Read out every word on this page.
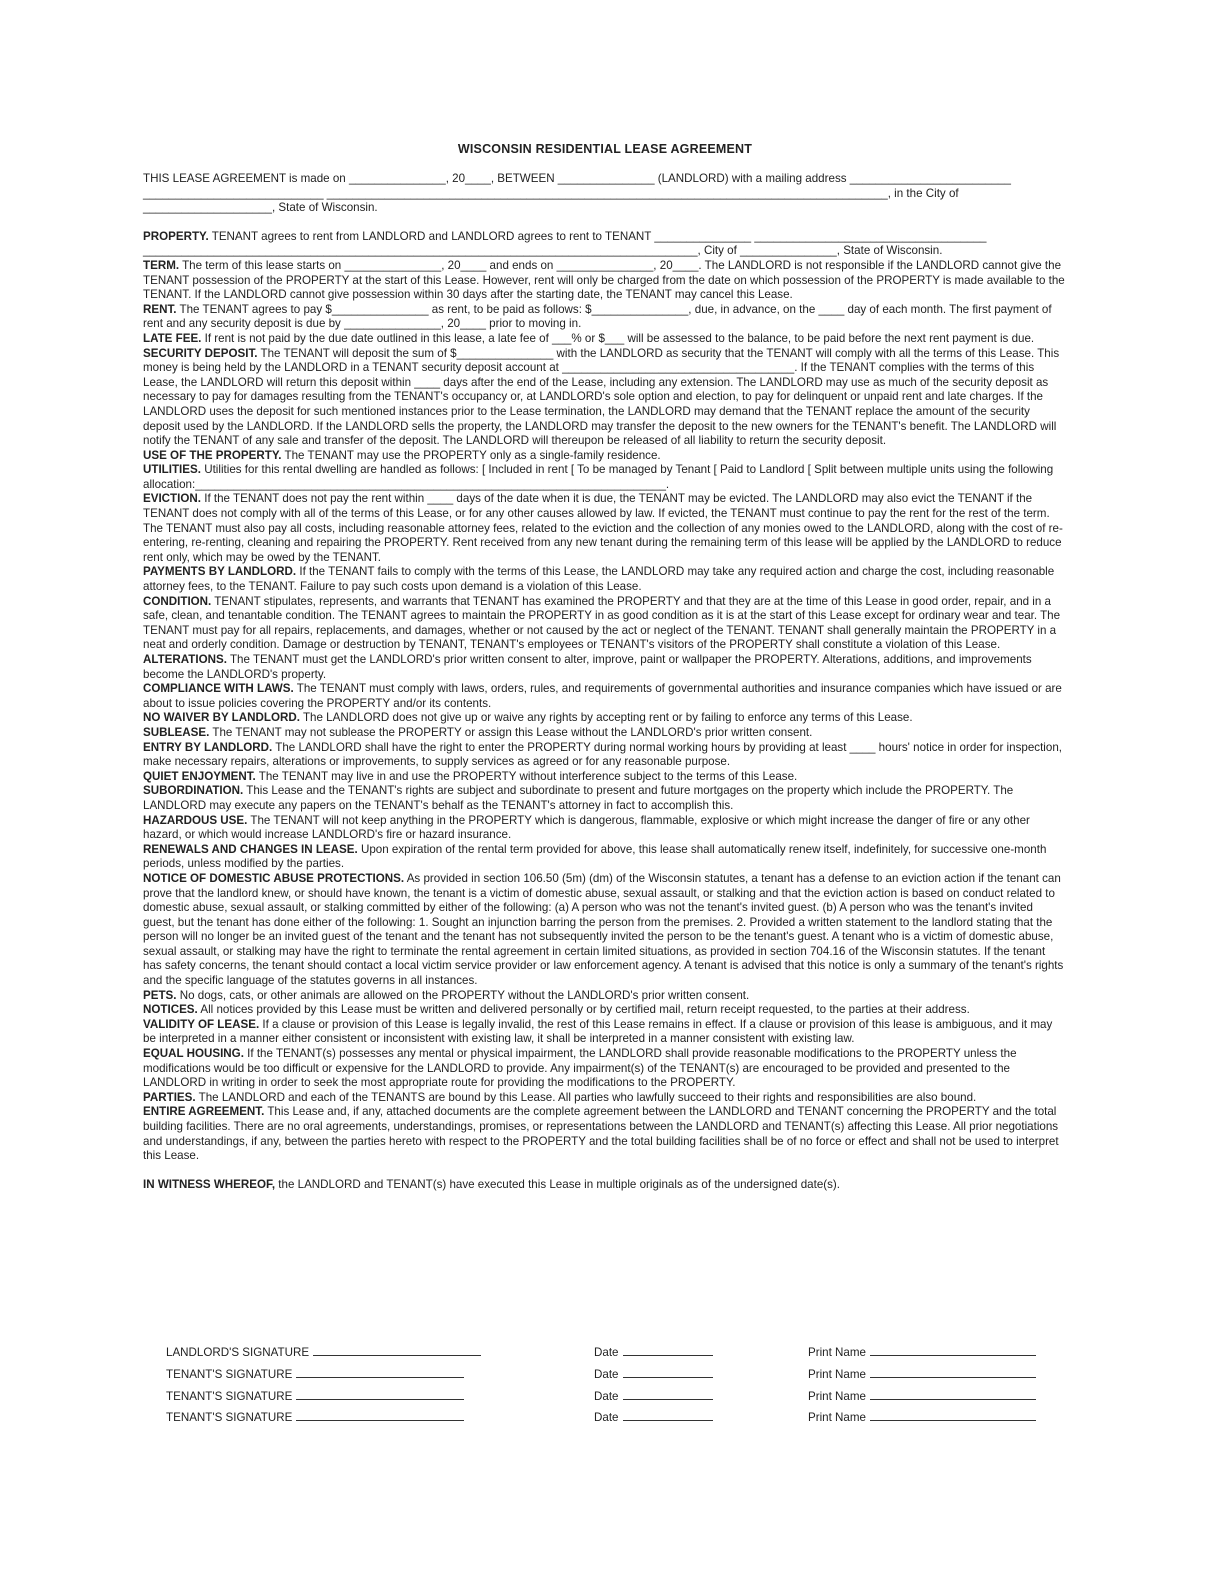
WISCONSIN RESIDENTIAL LEASE AGREEMENT

THIS LEASE AGREEMENT is made on _______________, 20____, BETWEEN _______________ (LANDLORD) with a mailing address _________________________ ____________________________ _______________________________________________________________________________________, in the City of ____________________, State of Wisconsin.

PROPERTY. TENANT agrees to rent from LANDLORD and LANDLORD agrees to rent to TENANT _______________ ____________________________________ ______________________________________________________________________________________, City of _______________, State of Wisconsin.

TERM. The term of this lease starts on _______________, 20____ and ends on _______________, 20____. The LANDLORD is not responsible if the LANDLORD cannot give the TENANT possession of the PROPERTY at the start of this Lease. However, rent will only be charged from the date on which possession of the PROPERTY is made available to the TENANT. If the LANDLORD cannot give possession within 30 days after the starting date, the TENANT may cancel this Lease.

RENT. The TENANT agrees to pay $_______________ as rent, to be paid as follows: $_______________, due, in advance, on the ____ day of each month. The first payment of rent and any security deposit is due by _______________, 20____ prior to moving in.

LATE FEE. If rent is not paid by the due date outlined in this lease, a late fee of ___% or $___ will be assessed to the balance, to be paid before the next rent payment is due.

SECURITY DEPOSIT. The TENANT will deposit the sum of $_______________ with the LANDLORD as security that the TENANT will comply with all the terms of this Lease. This money is being held by the LANDLORD in a TENANT security deposit account at ____________________________________. If the TENANT complies with the terms of this Lease, the LANDLORD will return this deposit within ____ days after the end of the Lease, including any extension. The LANDLORD may use as much of the security deposit as necessary to pay for damages resulting from the TENANT's occupancy or, at LANDLORD's sole option and election, to pay for delinquent or unpaid rent and late charges. If the LANDLORD uses the deposit for such mentioned instances prior to the Lease termination, the LANDLORD may demand that the TENANT replace the amount of the security deposit used by the LANDLORD. If the LANDLORD sells the property, the LANDLORD may transfer the deposit to the new owners for the TENANT's benefit. The LANDLORD will notify the TENANT of any sale and transfer of the deposit. The LANDLORD will thereupon be released of all liability to return the security deposit.

USE OF THE PROPERTY. The TENANT may use the PROPERTY only as a single-family residence.

UTILITIES. Utilities for this rental dwelling are handled as follows: [ Included in rent [ To be managed by Tenant [ Paid to Landlord [ Split between multiple units using the following allocation:_________________________________________________________________________.

EVICTION. If the TENANT does not pay the rent within ____ days of the date when it is due, the TENANT may be evicted. The LANDLORD may also evict the TENANT if the TENANT does not comply with all of the terms of this Lease, or for any other causes allowed by law. If evicted, the TENANT must continue to pay the rent for the rest of the term. The TENANT must also pay all costs, including reasonable attorney fees, related to the eviction and the collection of any monies owed to the LANDLORD, along with the cost of re-entering, re-renting, cleaning and repairing the PROPERTY. Rent received from any new tenant during the remaining term of this lease will be applied by the LANDLORD to reduce rent only, which may be owed by the TENANT.

PAYMENTS BY LANDLORD. If the TENANT fails to comply with the terms of this Lease, the LANDLORD may take any required action and charge the cost, including reasonable attorney fees, to the TENANT. Failure to pay such costs upon demand is a violation of this Lease.

CONDITION. TENANT stipulates, represents, and warrants that TENANT has examined the PROPERTY and that they are at the time of this Lease in good order, repair, and in a safe, clean, and tenantable condition. The TENANT agrees to maintain the PROPERTY in as good condition as it is at the start of this Lease except for ordinary wear and tear. The TENANT must pay for all repairs, replacements, and damages, whether or not caused by the act or neglect of the TENANT. TENANT shall generally maintain the PROPERTY in a neat and orderly condition. Damage or destruction by TENANT, TENANT's employees or TENANT's visitors of the PROPERTY shall constitute a violation of this Lease.

ALTERATIONS. The TENANT must get the LANDLORD's prior written consent to alter, improve, paint or wallpaper the PROPERTY. Alterations, additions, and improvements become the LANDLORD's property.

COMPLIANCE WITH LAWS. The TENANT must comply with laws, orders, rules, and requirements of governmental authorities and insurance companies which have issued or are about to issue policies covering the PROPERTY and/or its contents.

NO WAIVER BY LANDLORD. The LANDLORD does not give up or waive any rights by accepting rent or by failing to enforce any terms of this Lease.

SUBLEASE. The TENANT may not sublease the PROPERTY or assign this Lease without the LANDLORD's prior written consent.

ENTRY BY LANDLORD. The LANDLORD shall have the right to enter the PROPERTY during normal working hours by providing at least ____ hours' notice in order for inspection, make necessary repairs, alterations or improvements, to supply services as agreed or for any reasonable purpose.

QUIET ENJOYMENT. The TENANT may live in and use the PROPERTY without interference subject to the terms of this Lease.

SUBORDINATION. This Lease and the TENANT's rights are subject and subordinate to present and future mortgages on the property which include the PROPERTY. The LANDLORD may execute any papers on the TENANT's behalf as the TENANT's attorney in fact to accomplish this.

HAZARDOUS USE. The TENANT will not keep anything in the PROPERTY which is dangerous, flammable, explosive or which might increase the danger of fire or any other hazard, or which would increase LANDLORD's fire or hazard insurance.

RENEWALS AND CHANGES IN LEASE. Upon expiration of the rental term provided for above, this lease shall automatically renew itself, indefinitely, for successive one-month periods, unless modified by the parties.

NOTICE OF DOMESTIC ABUSE PROTECTIONS. As provided in section 106.50 (5m) (dm) of the Wisconsin statutes, a tenant has a defense to an eviction action if the tenant can prove that the landlord knew, or should have known, the tenant is a victim of domestic abuse, sexual assault, or stalking and that the eviction action is based on conduct related to domestic abuse, sexual assault, or stalking committed by either of the following: (a) A person who was not the tenant's invited guest. (b) A person who was the tenant's invited guest, but the tenant has done either of the following: 1. Sought an injunction barring the person from the premises. 2. Provided a written statement to the landlord stating that the person will no longer be an invited guest of the tenant and the tenant has not subsequently invited the person to be the tenant's guest. A tenant who is a victim of domestic abuse, sexual assault, or stalking may have the right to terminate the rental agreement in certain limited situations, as provided in section 704.16 of the Wisconsin statutes. If the tenant has safety concerns, the tenant should contact a local victim service provider or law enforcement agency. A tenant is advised that this notice is only a summary of the tenant's rights and the specific language of the statutes governs in all instances.

PETS. No dogs, cats, or other animals are allowed on the PROPERTY without the LANDLORD's prior written consent.

NOTICES. All notices provided by this Lease must be written and delivered personally or by certified mail, return receipt requested, to the parties at their address.

VALIDITY OF LEASE. If a clause or provision of this Lease is legally invalid, the rest of this Lease remains in effect. If a clause or provision of this lease is ambiguous, and it may be interpreted in a manner either consistent or inconsistent with existing law, it shall be interpreted in a manner consistent with existing law.

EQUAL HOUSING. If the TENANT(s) possesses any mental or physical impairment, the LANDLORD shall provide reasonable modifications to the PROPERTY unless the modifications would be too difficult or expensive for the LANDLORD to provide. Any impairment(s) of the TENANT(s) are encouraged to be provided and presented to the LANDLORD in writing in order to seek the most appropriate route for providing the modifications to the PROPERTY.

PARTIES. The LANDLORD and each of the TENANTS are bound by this Lease. All parties who lawfully succeed to their rights and responsibilities are also bound.

ENTIRE AGREEMENT. This Lease and, if any, attached documents are the complete agreement between the LANDLORD and TENANT concerning the PROPERTY and the total building facilities. There are no oral agreements, understandings, promises, or representations between the LANDLORD and TENANT(s) affecting this Lease. All prior negotiations and understandings, if any, between the parties hereto with respect to the PROPERTY and the total building facilities shall be of no force or effect and shall not be used to interpret this Lease.

IN WITNESS WHEREOF, the LANDLORD and TENANT(s) have executed this Lease in multiple originals as of the undersigned date(s).

LANDLORD'S SIGNATURE	Date	Print Name
TENANT'S SIGNATURE	Date	Print Name
TENANT'S SIGNATURE	Date	Print Name
TENANT'S SIGNATURE	Date	Print Name
